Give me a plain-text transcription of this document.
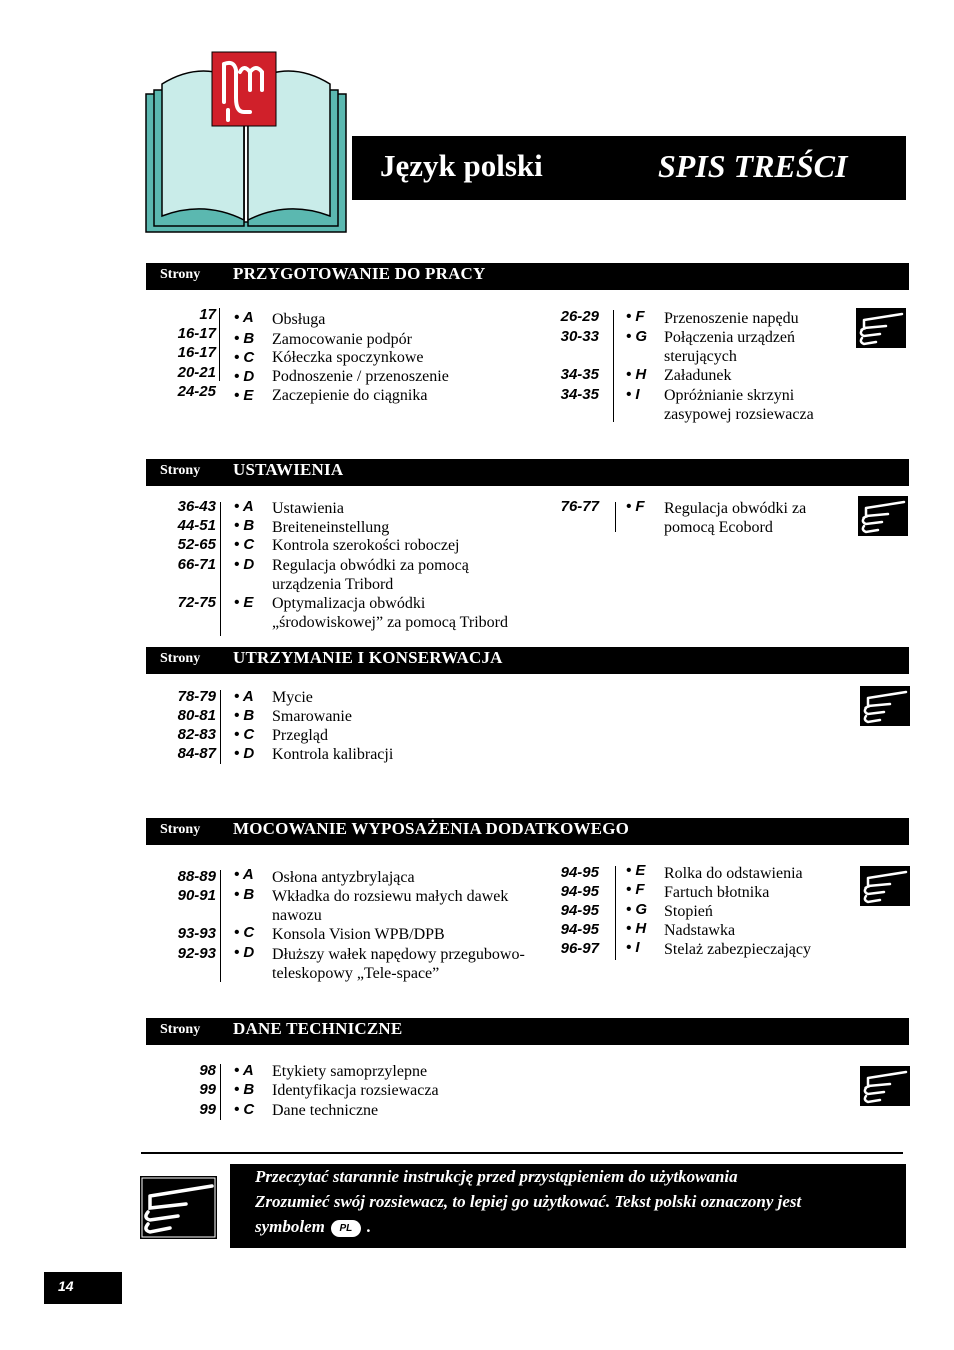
Język polski	SPIS TREŚCI
Strony PRZYGOTOWANIE DO PRACY
17 • A Obsługa
16-17 • B Zamocowanie podpór
16-17 • C Kółeczka spoczynkowe
20-21 • D Podnoszenie / przenoszenie
24-25 • E Zaczepienie do ciągnika
26-29 • F Przenoszenie napędu
30-33 • G Połączenia urządzeń
sterujących
34-35 • H Załadunek
34-35 • I Opróżnianie skrzyni
zasypowej rozsiewacza
Strony USTAWIENIA
36-43 • A Ustawienia
44-51 • B Breiteneinstellung
52-65 • C Kontrola szerokości roboczej
66-71 • D Regulacja obwódki za pomocą
urządzenia Tribord
72-75 • E Optymalizacja obwódki
„środowiskowej” za pomocą Tribord
76-77 • F Regulacja obwódki za
pomocą Ecobord
Strony UTRZYMANIE I KONSERWACJA
78-79 • A Mycie
80-81 • B Smarowanie
82-83 • C Przegląd
84-87 • D Kontrola kalibracji
Strony MOCOWANIE WYPOSAŻENIA DODATKOWEGO
88-89 • A Osłona antyzbrylająca
90-91 • B Wkładka do rozsiewu małych dawek
nawozu
93-93 • C Konsola Vision WPB/DPB
92-93 • D Dłuższy wałek napędowy przegubowo-
teleskopowy „Tele-space”
94-95 • E Rolka do odstawienia
94-95 • F Fartuch błotnika
94-95 • G Stopień
94-95 • H Nadstawka
96-97 • I Stelaż zabezpieczający
Strony DANE TECHNICZNE
98 • A Etykiety samoprzylepne
99 • B Identyfikacja rozsiewacza
99 • C Dane techniczne
Przeczytać starannie instrukcję przed przystąpieniem do użytkowania
Zrozumieć swój rozsiewacz, to lepiej go użytkować. Tekst polski oznaczony jest
symbolem PL .
14
